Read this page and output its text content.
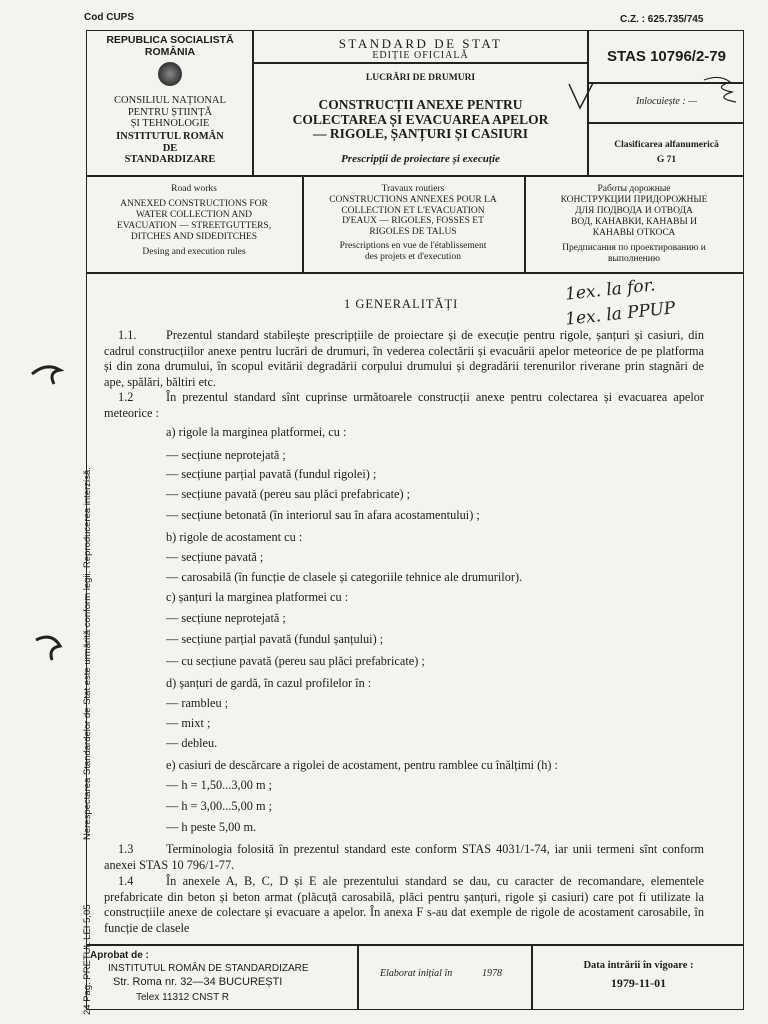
Cod CUPS	C.Z. : 625.735/745
REPUBLICA SOCIALISTĂ ROMÂNIA
CONSILIUL NAȚIONAL
PENTRU ȘTIINȚĂ
ȘI TEHNOLOGIE
INSTITUTUL ROMÂN
DE
STANDARDIZARE
STANDARD DE STAT
EDIȚIE OFICIALĂ
LUCRĂRI DE DRUMURI
CONSTRUCȚII ANEXE PENTRU
COLECTAREA ȘI EVACUAREA APELOR
— RIGOLE, ȘANȚURI ȘI CASIURI
Prescripții de proiectare și execuție
STAS 10796/2-79
Inlocuiește : —
Clasificarea alfanumerică
G 71
Road works
ANNEXED CONSTRUCTIONS FOR
WATER COLLECTION AND
EVACUATION — STREETGUTTERS,
DITCHES AND SIDEDITCHES
Desing and execution rules
Travaux routiers
CONSTRUCTIONS ANNEXES POUR LA
COLLECTION ET L'EVACUATION
D'EAUX — RIGOLES, FOSSES ET
RIGOLES DE TALUS
Prescriptions en vue de l'établissement
des projets et d'execution
Работы дорожные
КОНСТРУКЦИИ ПРИДОРОЖНЫЕ
ДЛЯ ПОДВОДА И ОТВОДА
ВОД, КАНАВКИ, КАНАВЫ И
КАНАВЫ ОТКОСА
Предписания по проектированию и
выполнению
1ex. la for.
1ex. la PPUP
1 GENERALITĂȚI
1.1.	Prezentul standard stabilește prescripțiile de proiectare și de execuție pentru rigole, șanțuri și casiuri, din cadrul construcțiilor anexe pentru lucrări de drumuri, în vederea colectării și evacuării apelor meteorice de pe platforma și din zona drumului, în scopul evitării degradării corpului drumului și degradării terenurilor riverane prin stagnări de ape, spălări, băltiri etc.
1.2	În prezentul standard sînt cuprinse următoarele construcții anexe pentru colectarea și evacuarea apelor meteorice :
a) rigole la marginea platformei, cu :
— secțiune neprotejată ;
— secțiune parțial pavată (fundul rigolei) ;
— secțiune pavată (pereu sau plăci prefabricate) ;
— secțiune betonată (în interiorul sau în afara acostamentului) ;
b) rigole de acostament cu :
— secțiune pavată ;
— carosabilă (în funcție de clasele și categoriile tehnice ale drumurilor).
c) șanțuri la marginea platformei cu :
— secțiune neprotejată ;
— secțiune parțial pavată (fundul șanțului) ;
— cu secțiune pavată (pereu sau plăci prefabricate) ;
d) șanțuri de gardă, în cazul profilelor în :
— rambleu ;
— mixt ;
— debleu.
e) casiuri de descărcare a rigolei de acostament, pentru ramblee cu înălțimi (h) :
— h = 1,50...3,00 m ;
— h = 3,00...5,00 m ;
— h peste 5,00 m.
1.3	Terminologia folosită în prezentul standard este conform STAS 4031/1-74, iar unii termeni sînt conform anexei STAS 10 796/1-77.
1.4	În anexele A, B, C, D și E ale prezentului standard se dau, cu caracter de recomandare, elementele prefabricate din beton și beton armat (plăcuță carosabilă, plăci pentru șanțuri, rigole și casiuri) care pot fi utilizate la construcțiile anexe de colectare și evacuare a apelor. În anexa F s-au dat exemple de rigole de acostament carosabile, în funcție de clasele
Aprobat de :
INSTITUTUL ROMÂN DE STANDARDIZARE
Str. Roma nr. 32—34 BUCUREȘTI
Telex 11312 CNST R
Elaborat inițial în	1978
Data intrării în vigoare :
1979-11-01
24 Pag. PREȚUL LEI 5,05
Nerespectarea Standardelor de Stat este urmărită conform legii. Reproducerea interzisă.
